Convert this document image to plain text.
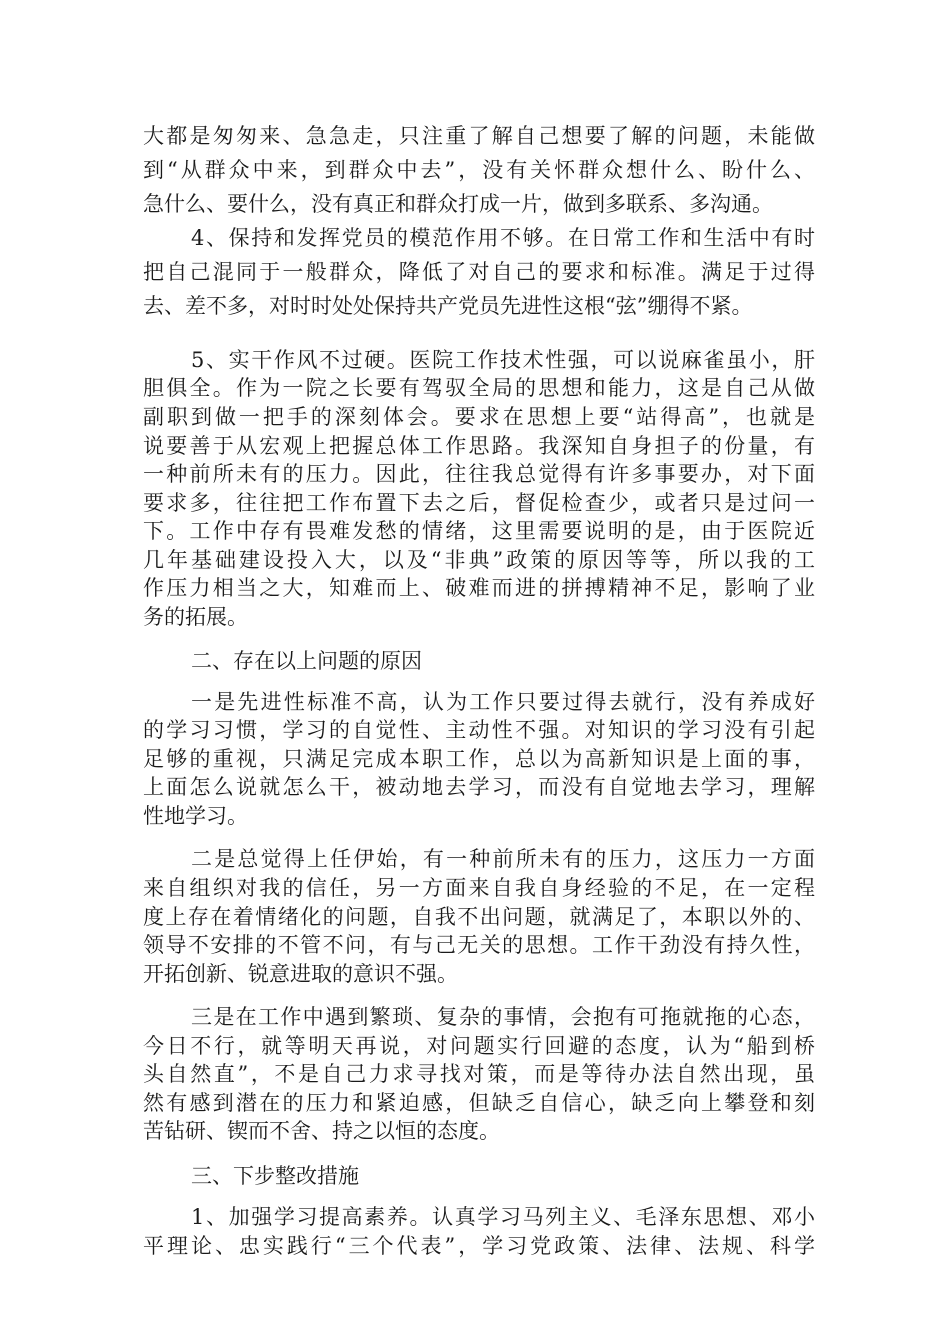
大都是匆匆来、急急走，只注重了解自己想要了解的问题，未能做
到“从群众中来，到群众中去”，没有关怀群众想什么、盼什么、
急什么、要什么，没有真正和群众打成一片，做到多联系、多沟通。
4、保持和发挥党员的模范作用不够。在日常工作和生活中有时
把自己混同于一般群众，降低了对自己的要求和标准。满足于过得
去、差不多，对时时处处保持共产党员先进性这根“弦”绷得不紧。
5、实干作风不过硬。医院工作技术性强，可以说麻雀虽小，肝
胆俱全。作为一院之长要有驾驭全局的思想和能力，这是自己从做
副职到做一把手的深刻体会。要求在思想上要“站得高”，也就是
说要善于从宏观上把握总体工作思路。我深知自身担子的份量，有
一种前所未有的压力。因此，往往我总觉得有许多事要办，对下面
要求多，往往把工作布置下去之后，督促检查少，或者只是过问一
下。工作中存有畏难发愁的情绪，这里需要说明的是，由于医院近
几年基础建设投入大，以及“非典”政策的原因等等，所以我的工
作压力相当之大，知难而上、破难而进的拼搏精神不足，影响了业
务的拓展。
二、存在以上问题的原因
一是先进性标准不高，认为工作只要过得去就行，没有养成好
的学习习惯，学习的自觉性、主动性不强。对知识的学习没有引起
足够的重视，只满足完成本职工作，总以为高新知识是上面的事，
上面怎么说就怎么干，被动地去学习，而没有自觉地去学习，理解
性地学习。
二是总觉得上任伊始，有一种前所未有的压力，这压力一方面
来自组织对我的信任，另一方面来自我自身经验的不足，在一定程
度上存在着情绪化的问题，自我不出问题，就满足了，本职以外的、
领导不安排的不管不问，有与己无关的思想。工作干劲没有持久性，
开拓创新、锐意进取的意识不强。
三是在工作中遇到繁琐、复杂的事情，会抱有可拖就拖的心态，
今日不行，就等明天再说，对问题实行回避的态度，认为“船到桥
头自然直”，不是自己力求寻找对策，而是等待办法自然出现，虽
然有感到潜在的压力和紧迫感，但缺乏自信心，缺乏向上攀登和刻
苦钻研、锲而不舍、持之以恒的态度。
三、下步整改措施
1、加强学习提高素养。认真学习马列主义、毛泽东思想、邓小
平理论、忠实践行“三个代表”，学习党政策、法律、法规、科学
